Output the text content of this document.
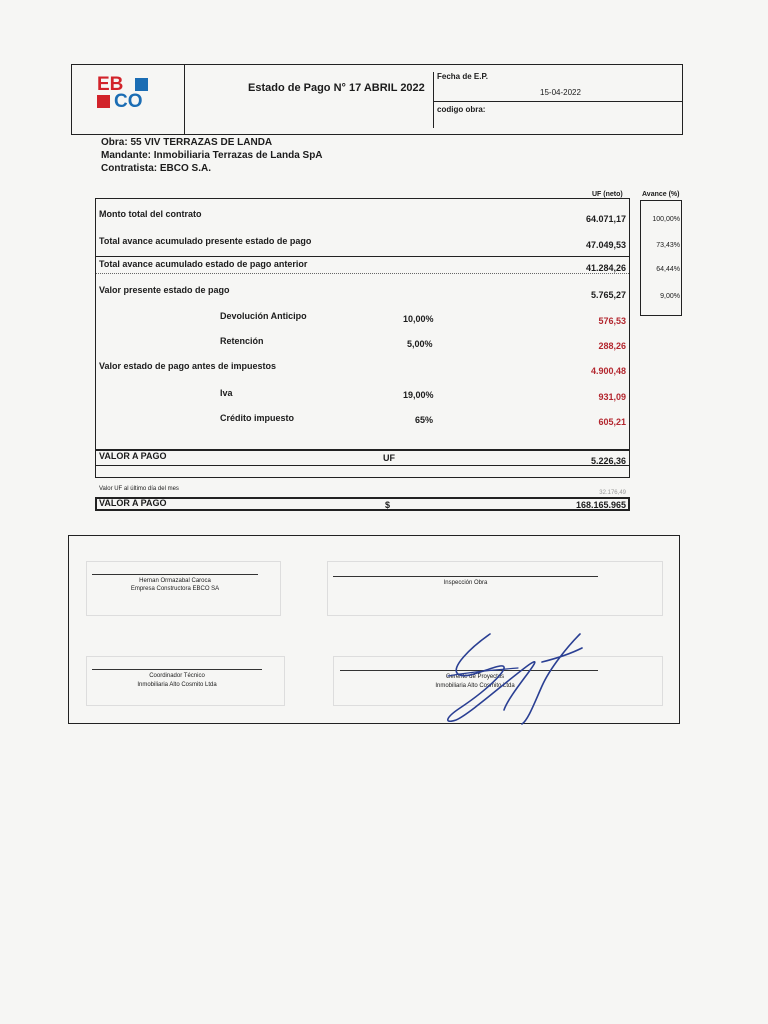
EB
CO
Estado de Pago N° 17 ABRIL 2022
Fecha de E.P.
15-04-2022
codigo obra:
Obra: 55 VIV TERRAZAS DE LANDA
Mandante: Inmobiliaria Terrazas de Landa SpA
Contratista: EBCO S.A.
UF (neto)	Avance (%)
Monto total del contrato	64.071,17	100,00%
Total avance acumulado presente estado de pago	47.049,53	73,43%
Total avance acumulado estado de pago anterior	41.284,26	64,44%
Valor presente estado de pago	5.765,27	9,00%
Devolución Anticipo	10,00%	576,53
Retención	5,00%	288,26
Valor estado de pago antes de impuestos	4.900,48
Iva	19,00%	931,09
Crédito impuesto	65%	605,21
VALOR A PAGO	UF	5.226,36
Valor UF al último día del mes
32.176,49
VALOR A PAGO	$	168.165.965
Hernan Ormazabal Caroca
Empresa Constructora EBCO SA
Inspección Obra
Coordinador Técnico
Inmobiliaria Alto Cosmito Ltda
Gerente de Proyectos
Inmobiliaria Alto Cosmito Ltda
